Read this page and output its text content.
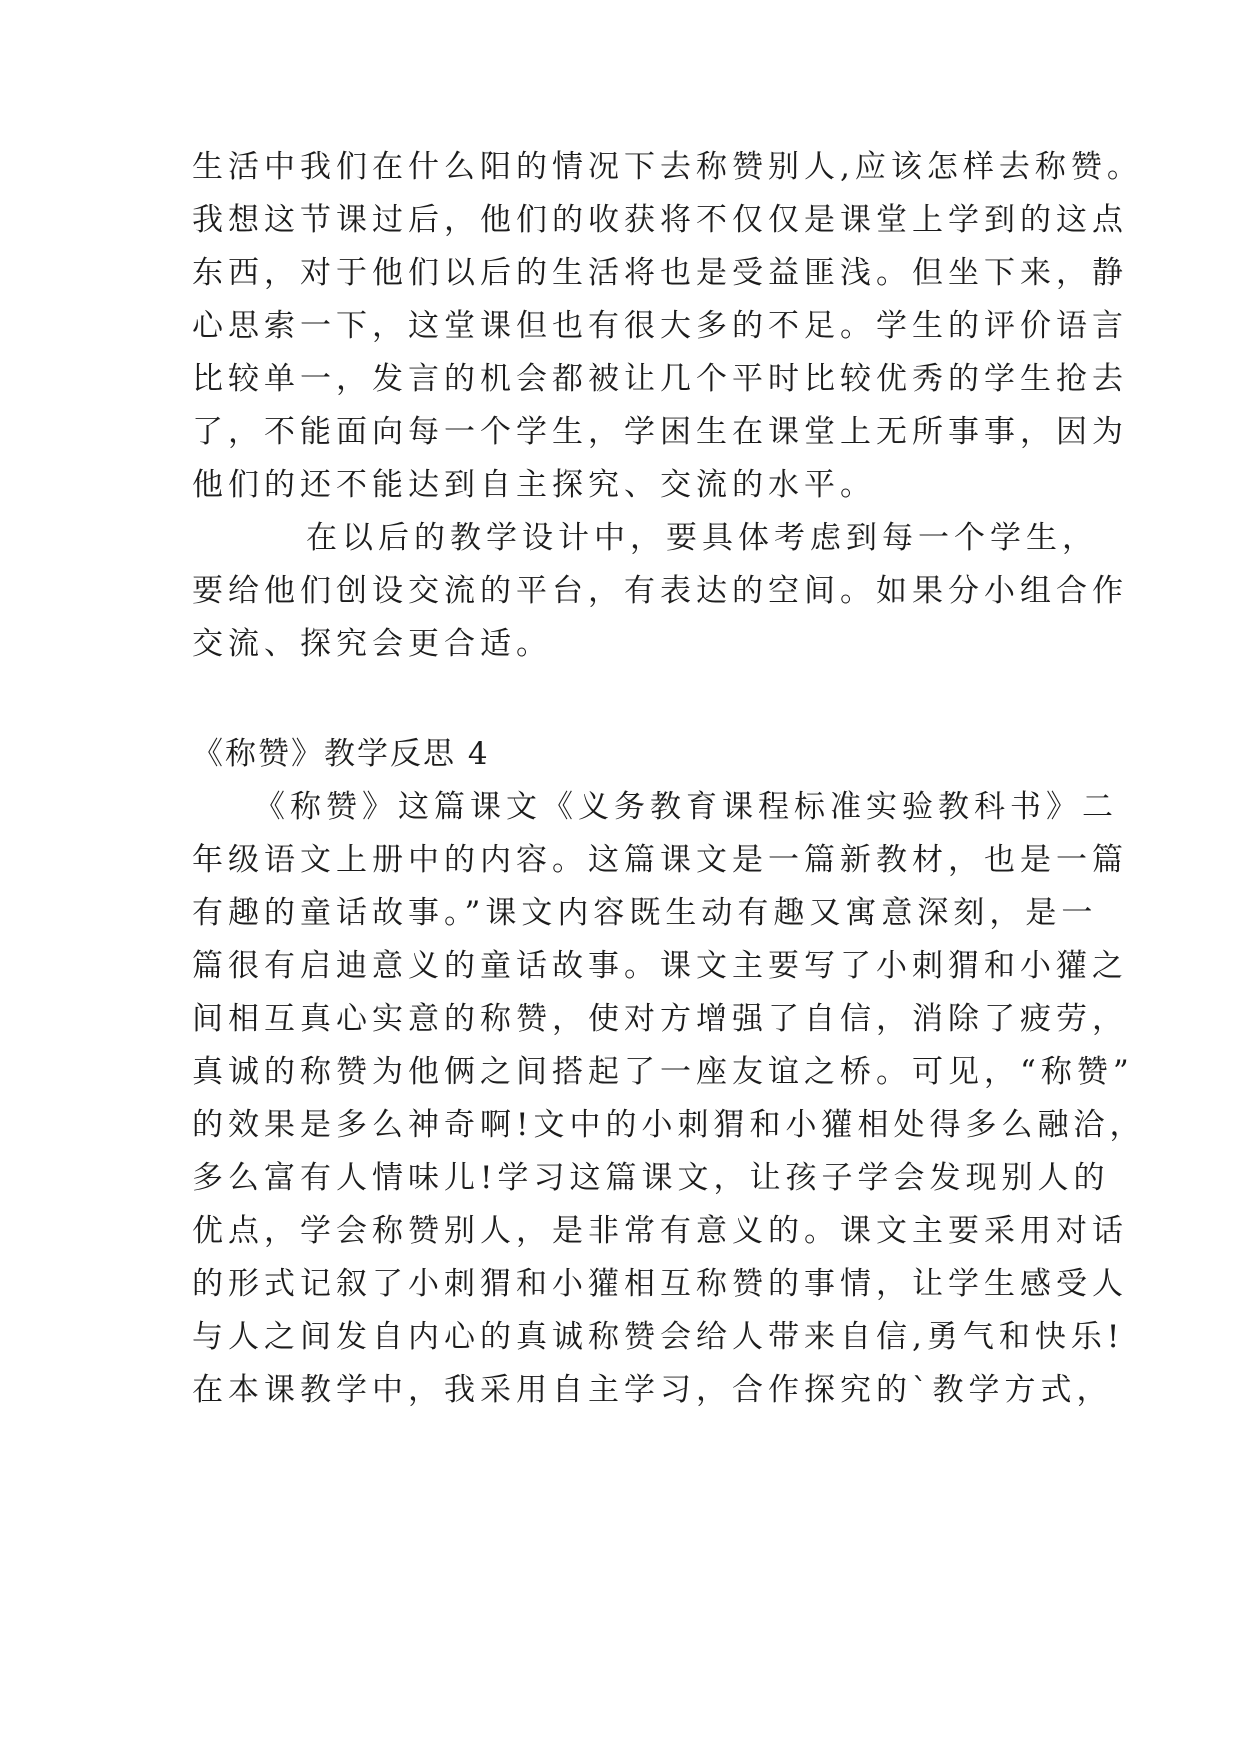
生活中我们在什么阳的情况下去称赞别人,应该怎样去称赞。
我想这节课过后，他们的收获将不仅仅是课堂上学到的这点
东西，对于他们以后的生活将也是受益匪浅。但坐下来，静
心思索一下，这堂课但也有很大多的不足。学生的评价语言
比较单一，发言的机会都被让几个平时比较优秀的学生抢去
了，不能面向每一个学生，学困生在课堂上无所事事，因为
他们的还不能达到自主探究、交流的水平。
在以后的教学设计中，要具体考虑到每一个学生，
要给他们创设交流的平台，有表达的空间。如果分小组合作
交流、探究会更合适。
《称赞》教学反思 4
《称赞》这篇课文《义务教育课程标准实验教科书》二
年级语文上册中的内容。这篇课文是一篇新教材，也是一篇
有趣的童话故事。”课文内容既生动有趣又寓意深刻，是一
篇很有启迪意义的童话故事。课文主要写了小刺猬和小獾之
间相互真心实意的称赞，使对方增强了自信，消除了疲劳，
真诚的称赞为他俩之间搭起了一座友谊之桥。可见，“称赞”
的效果是多么神奇啊!文中的小刺猬和小獾相处得多么融洽，
多么富有人情味儿!学习这篇课文，让孩子学会发现别人的
优点，学会称赞别人，是非常有意义的。课文主要采用对话
的形式记叙了小刺猬和小獾相互称赞的事情，让学生感受人
与人之间发自内心的真诚称赞会给人带来自信,勇气和快乐!
在本课教学中，我采用自主学习，合作探究的`教学方式，
